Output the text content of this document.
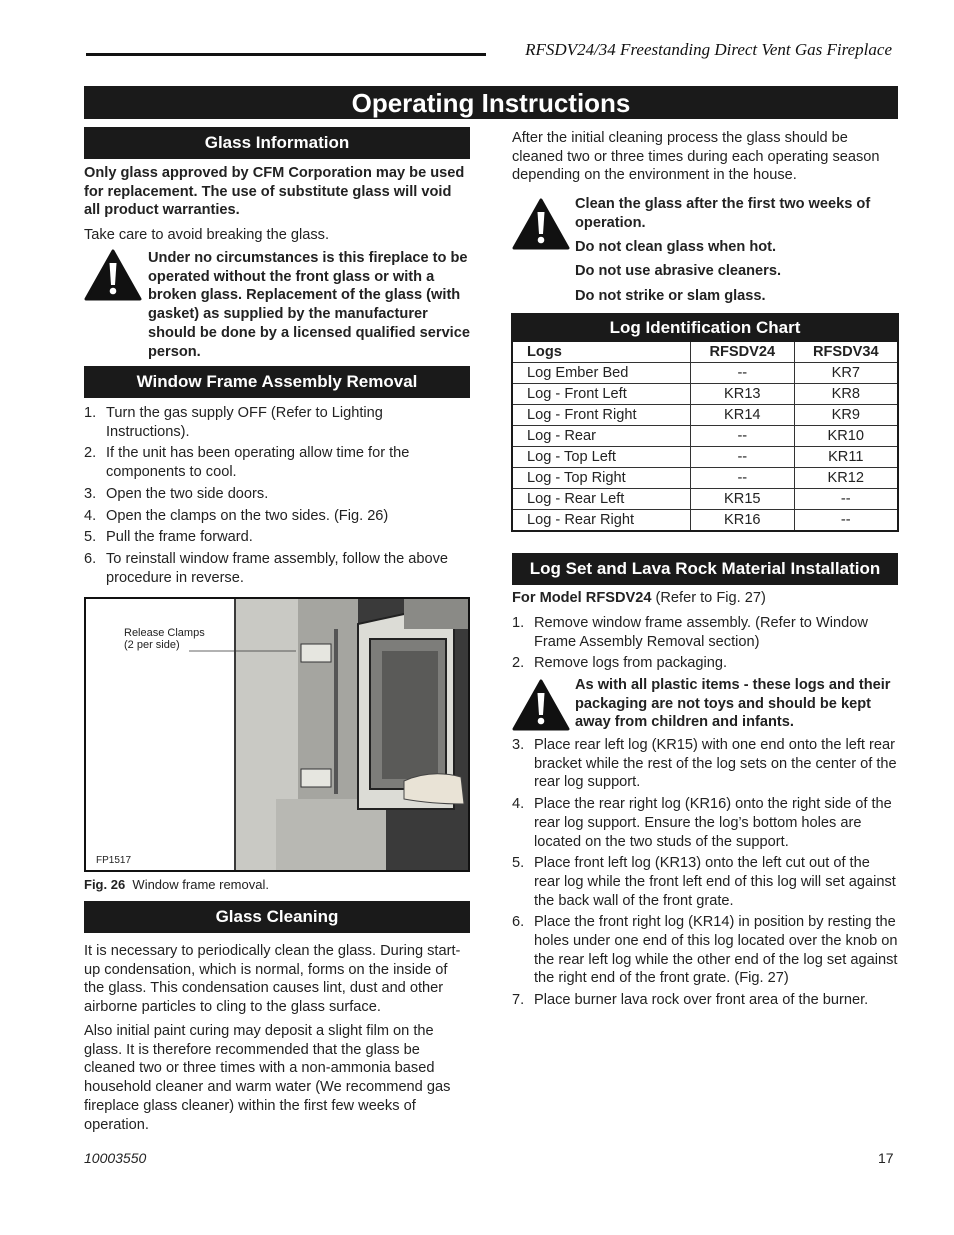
RFSDV24/34 Freestanding Direct Vent Gas Fireplace
Operating Instructions
Glass Information
Only glass approved by CFM Corporation may be used for replacement. The use of substitute glass will void all product warranties.
Take care to avoid breaking the glass.
Under no circumstances is this fireplace to be operated without the front glass or with a broken glass. Replacement of the glass (with gasket) as supplied by the manufacturer should be done by a licensed qualified service person.
Window Frame Assembly Removal
1. Turn the gas supply OFF (Refer to Lighting Instructions).
2. If the unit has been operating allow time for the components to cool.
3. Open the two side doors.
4. Open the clamps on the two sides. (Fig. 26)
5. Pull the frame forward.
6. To reinstall window frame assembly, follow the above procedure in reverse.
Release Clamps
(2 per side)
FP1517
Fig. 26 Window frame removal.
Glass Cleaning
It is necessary to periodically clean the glass. During start-up condensation, which is normal, forms on the inside of the glass. This condensation causes lint, dust and other airborne particles to cling to the glass surface.
Also initial paint curing may deposit a slight film on the glass. It is therefore recommended that the glass be cleaned two or three times with a non-ammonia based household cleaner and warm water (We recommend gas fireplace glass cleaner) within the first few weeks of operation.
After the initial cleaning process the glass should be cleaned two or three times during each operating season depending on the environment in the house.
Clean the glass after the first two weeks of operation.
Do not clean glass when hot.
Do not use abrasive cleaners.
Do not strike or slam glass.
Log Identification Chart
Logs	RFSDV24	RFSDV34
Log Ember Bed	--	KR7
Log - Front Left	KR13	KR8
Log - Front Right	KR14	KR9
Log - Rear	--	KR10
Log - Top Left	--	KR11
Log - Top Right	--	KR12
Log - Rear Left	KR15	--
Log - Rear Right	KR16	--
Log Set and Lava Rock Material Installation
For Model RFSDV24 (Refer to Fig. 27)
1. Remove window frame assembly. (Refer to Window Frame Assembly Removal section)
2. Remove logs from packaging.
As with all plastic items - these logs and their packaging are not toys and should be kept away from children and infants.
3. Place rear left log (KR15) with one end onto the left rear bracket while the rest of the log sets on the center of the rear log support.
4. Place the rear right log (KR16) onto the right side of the rear log support. Ensure the log’s bottom holes are located on the two studs of the support.
5. Place front left log (KR13) onto the left cut out of the rear log while the front left end of this log will set against the back wall of the front grate.
6. Place the front right log (KR14) in position by resting the holes under one end of this log located over the knob on the rear left log while the other end of the log set against the right end of the front grate. (Fig. 27)
7. Place burner lava rock over front area of the burner.
10003550	17
